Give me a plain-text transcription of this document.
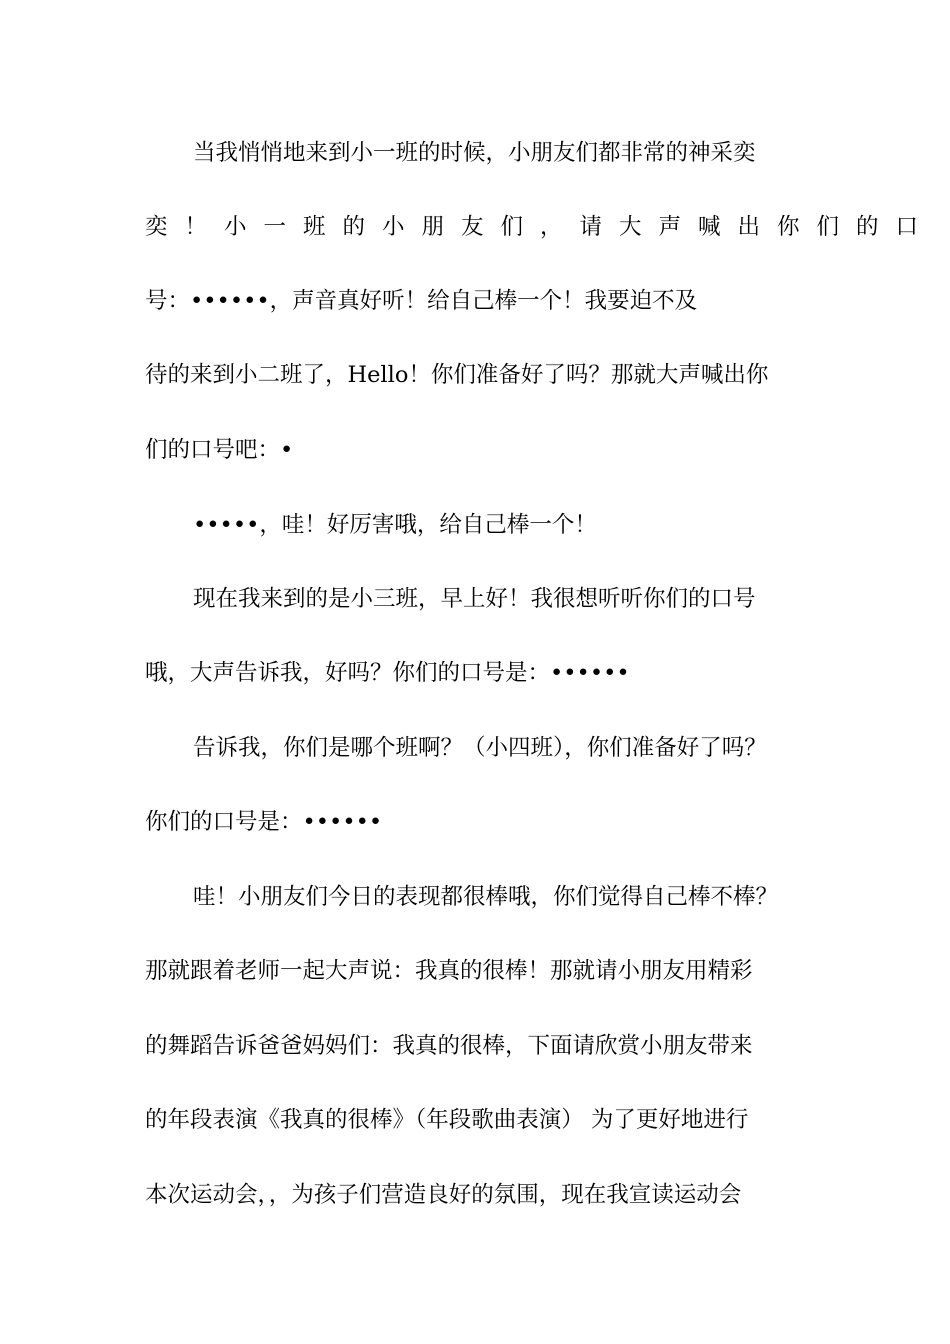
当我悄悄地来到小一班的时候，小朋友们都非常的神采奕
奕！小一班的小朋友们，请大声喊出你们的口
号：••••••，声音真好听！给自己棒一个！我要迫不及
待的来到小二班了，Hello！你们准备好了吗？那就大声喊出你
们的口号吧：•
•••••，哇！好厉害哦，给自己棒一个！
现在我来到的是小三班，早上好！我很想听听你们的口号
哦，大声告诉我，好吗？你们的口号是：••••••
告诉我，你们是哪个班啊？（小四班），你们准备好了吗？
你们的口号是：••••••
哇！小朋友们今日的表现都很棒哦，你们觉得自己棒不棒？
那就跟着老师一起大声说：我真的很棒！那就请小朋友用精彩
的舞蹈告诉爸爸妈妈们：我真的很棒，下面请欣赏小朋友带来
的年段表演《我真的很棒》（年段歌曲表演） 为了更好地进行
本次运动会，，为孩子们营造良好的氛围，现在我宣读运动会
